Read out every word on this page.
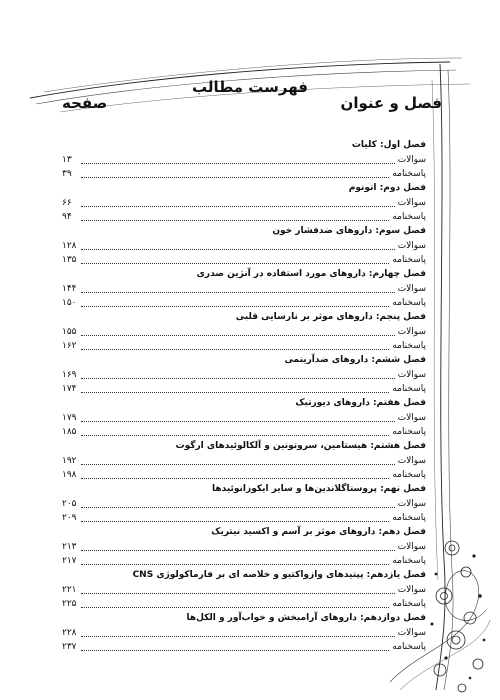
فهرست مطالب
فصل و عنوان
صفحه
فصل اول: کلیات
سوالات
۱۳
پاسخنامه
۳۹
فصل دوم: اتونوم
سوالات
۶۶
پاسخنامه
۹۴
فصل سوم: داروهای ضدفشار خون
سوالات
۱۲۸
پاسخنامه
۱۳۵
فصل چهارم: داروهای مورد استفاده در آنژین صدری
سوالات
۱۴۴
پاسخنامه
۱۵۰
فصل پنجم: داروهای موثر بر نارسایی قلبی
سوالات
۱۵۵
پاسخنامه
۱۶۲
فصل ششم: داروهای ضدآریتمی
سوالات
۱۶۹
پاسخنامه
۱۷۴
فصل هفتم: داروهای دیورتیک
سوالات
۱۷۹
پاسخنامه
۱۸۵
فصل هشتم: هیستامین، سروتونین و آلکالوئیدهای ارگوت
سوالات
۱۹۲
پاسخنامه
۱۹۸
فصل نهم: پروستاگلاندین‌ها و سایر ایکوزانوئیدها
سوالات
۲۰۵
پاسخنامه
۲۰۹
فصل دهم: داروهای موثر بر آسم و اکسید نیتریک
سوالات
۲۱۳
پاسخنامه
۲۱۷
فصل یازدهم: پپتیدهای وازواکتیو و خلاصه ای بر فارماکولوژی CNS
سوالات
۲۲۱
پاسخنامه
۲۲۵
فصل دوازدهم: داروهای آرامبخش و خواب‌آور و الکل‌ها
سوالات
۲۲۸
پاسخنامه
۲۳۷
